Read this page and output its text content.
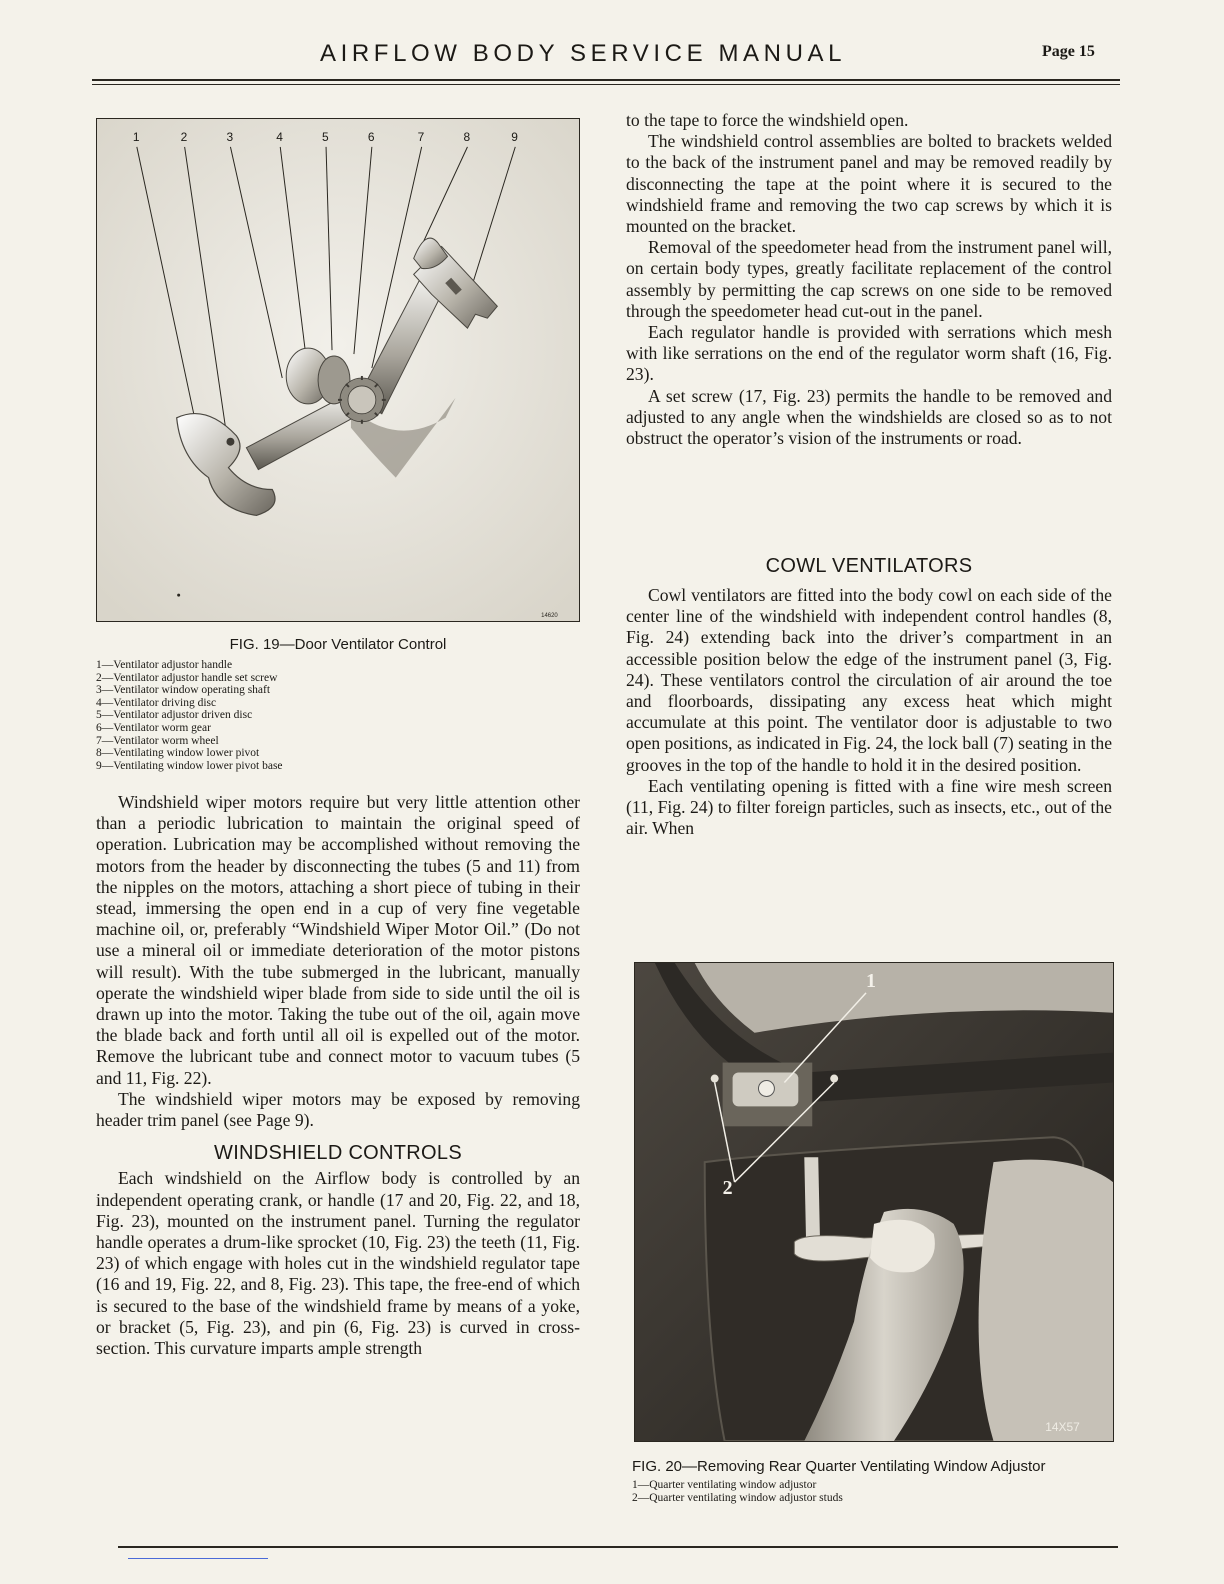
AIRFLOW BODY SERVICE MANUAL	Page 15
14620
1	2	3	4	5	6	7	8	9
FIG. 19—Door Ventilator Control
1—Ventilator adjustor handle
2—Ventilator adjustor handle set screw
3—Ventilator window operating shaft
4—Ventilator driving disc
5—Ventilator adjustor driven disc
6—Ventilator worm gear
7—Ventilator worm wheel
8—Ventilating window lower pivot
9—Ventilating window lower pivot base

Windshield wiper motors require but very little attention other than a periodic lubrication to maintain the original speed of operation. Lubrication may be accomplished without removing the motors from the header by disconnecting the tubes (5 and 11) from the nipples on the motors, attaching a short piece of tubing in their stead, immersing the open end in a cup of very fine vegetable machine oil, or, preferably “Windshield Wiper Motor Oil.” (Do not use a mineral oil or immediate deterioration of the motor pistons will result). With the tube submerged in the lubricant, manually operate the windshield wiper blade from side to side until the oil is drawn up into the motor. Taking the tube out of the oil, again move the blade back and forth until all oil is expelled out of the motor. Remove the lubricant tube and connect motor to vacuum tubes (5 and 11, Fig. 22).

The windshield wiper motors may be exposed by removing header trim panel (see Page 9).

WINDSHIELD CONTROLS

Each windshield on the Airflow body is controlled by an independent operating crank, or handle (17 and 20, Fig. 22, and 18, Fig. 23), mounted on the instrument panel. Turning the regulator handle operates a drum-like sprocket (10, Fig. 23) the teeth (11, Fig. 23) of which engage with holes cut in the windshield regulator tape (16 and 19, Fig. 22, and 8, Fig. 23). This tape, the free-end of which is secured to the base of the windshield frame by means of a yoke, or bracket (5, Fig. 23), and pin (6, Fig. 23) is curved in cross-section. This curvature imparts ample strength

to the tape to force the windshield open.

The windshield control assemblies are bolted to brackets welded to the back of the instrument panel and may be removed readily by disconnecting the tape at the point where it is secured to the windshield frame and removing the two cap screws by which it is mounted on the bracket.

Removal of the speedometer head from the instrument panel will, on certain body types, greatly facilitate replacement of the control assembly by permitting the cap screws on one side to be removed through the speedometer head cut-out in the panel.

Each regulator handle is provided with serrations which mesh with like serrations on the end of the regulator worm shaft (16, Fig. 23).

A set screw (17, Fig. 23) permits the handle to be removed and adjusted to any angle when the windshields are closed so as to not obstruct the operator’s vision of the instruments or road.

COWL VENTILATORS

Cowl ventilators are fitted into the body cowl on each side of the center line of the windshield with independent control handles (8, Fig. 24) extending back into the driver’s compartment in an accessible position below the edge of the instrument panel (3, Fig. 24). These ventilators control the circulation of air around the toe and floorboards, dissipating any excess heat which might accumulate at this point. The ventilator door is adjustable to two open positions, as indicated in Fig. 24, the lock ball (7) seating in the grooves in the top of the handle to hold it in the desired position.

Each ventilating opening is fitted with a fine wire mesh screen (11, Fig. 24) to filter foreign particles, such as insects, etc., out of the air. When

14X57
1
2
FIG. 20—Removing Rear Quarter Ventilating Window Adjustor
1—Quarter ventilating window adjustor
2—Quarter ventilating window adjustor studs
